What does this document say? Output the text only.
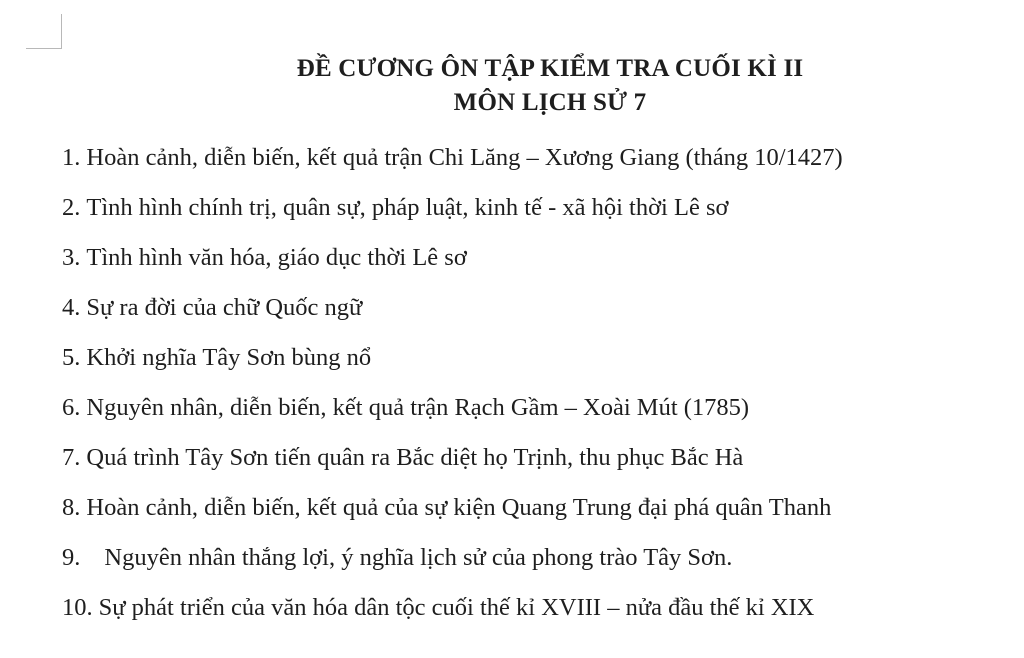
ĐỀ CƯƠNG ÔN TẬP KIỂM TRA CUỐI KÌ II
MÔN LỊCH SỬ 7
1. Hoàn cảnh, diễn biến, kết quả trận Chi Lăng – Xương Giang (tháng 10/1427)
2. Tình hình chính trị, quân sự, pháp luật, kinh tế - xã hội thời Lê sơ
3. Tình hình văn hóa, giáo dục thời Lê sơ
4. Sự ra đời của chữ Quốc ngữ
5. Khởi nghĩa Tây Sơn bùng nổ
6. Nguyên nhân, diễn biến, kết quả trận Rạch Gầm – Xoài Mút (1785)
7. Quá trình Tây Sơn tiến quân ra Bắc diệt họ Trịnh, thu phục Bắc Hà
8. Hoàn cảnh, diễn biến, kết quả của sự kiện Quang Trung đại phá quân Thanh
9. Nguyên nhân thắng lợi, ý nghĩa lịch sử của phong trào Tây Sơn.
10. Sự phát triển của văn hóa dân tộc cuối thế kỉ XVIII – nửa đầu thế kỉ XIX
